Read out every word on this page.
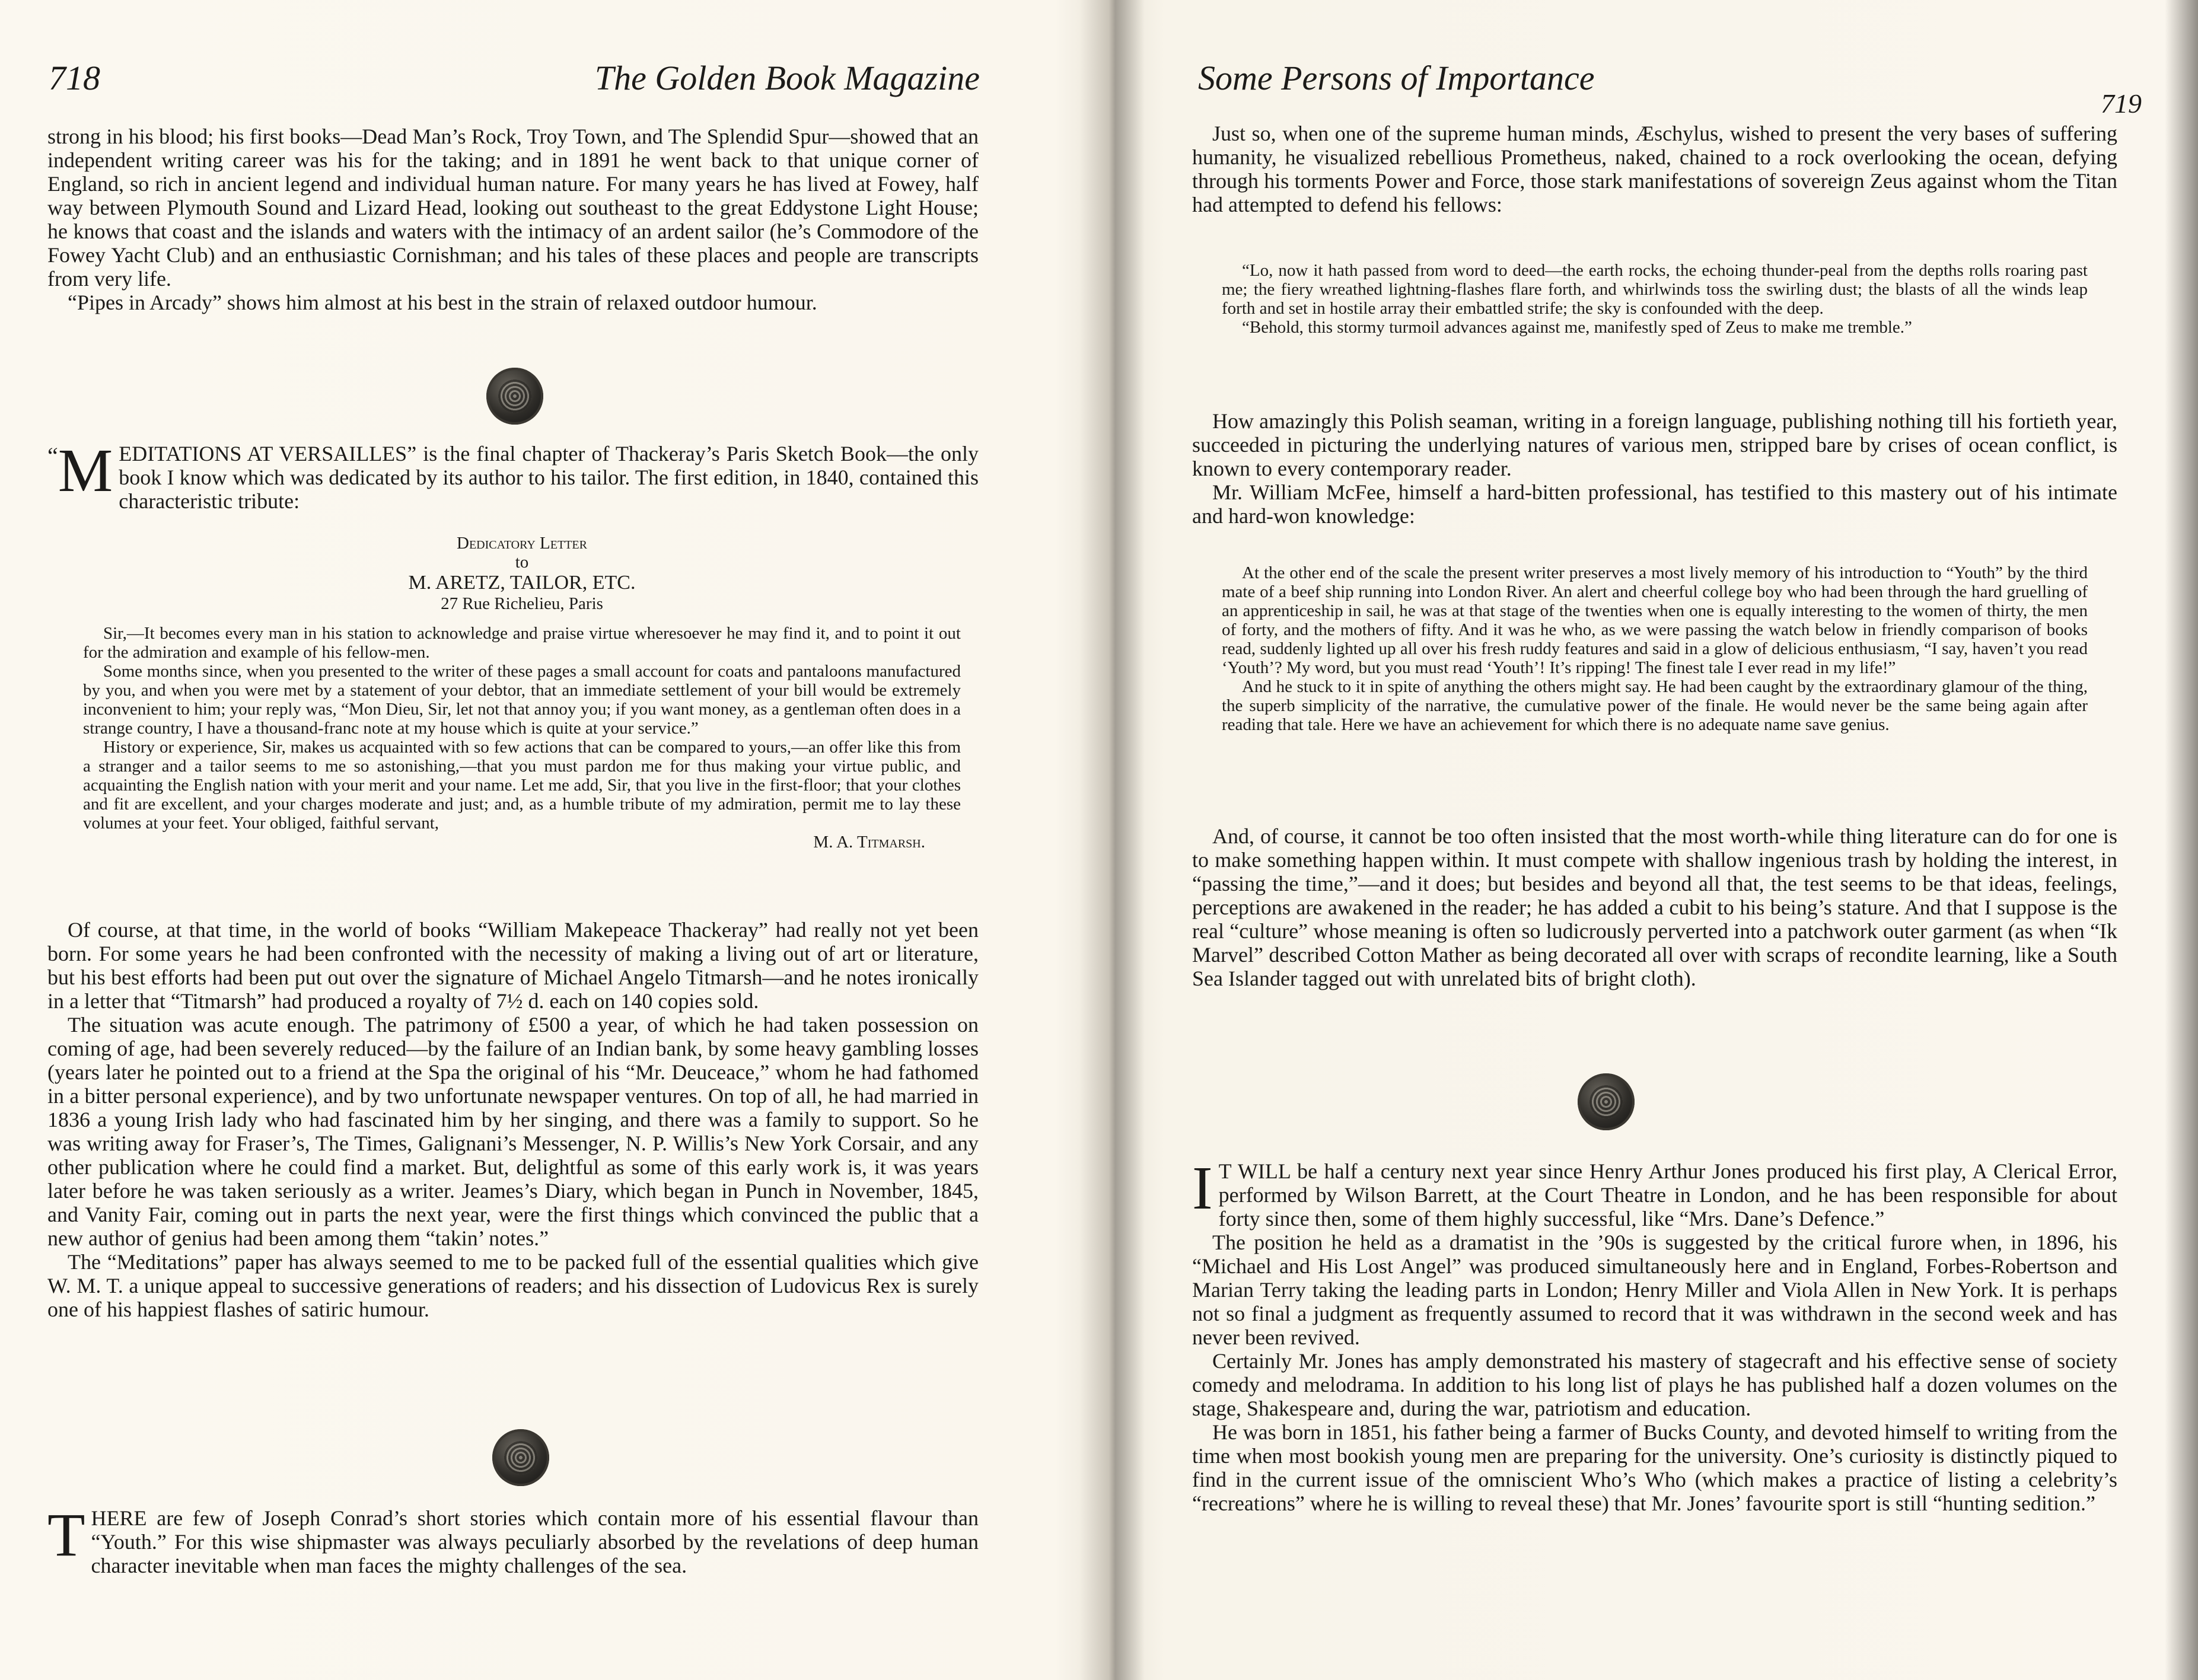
718	The Golden Book Magazine

strong in his blood; his first books—Dead Man’s Rock, Troy Town, and The Splendid Spur—showed that an independent writing career was his for the taking; and in 1891 he went back to that unique corner of England, so rich in ancient legend and individual human nature. For many years he has lived at Fowey, half way between Plymouth Sound and Lizard Head, looking out southeast to the great Eddystone Light House; he knows that coast and the islands and waters with the intimacy of an ardent sailor (he’s Commodore of the Fowey Yacht Club) and an enthusiastic Cornishman; and his tales of these places and people are transcripts from very life.

“Pipes in Arcady” shows him almost at his best in the strain of relaxed outdoor humour.

“ M EDITATIONS AT VERSAILLES” is the final chapter of Thackeray’s Paris Sketch Book—the only book I know which was dedicated by its author to his tailor. The first edition, in 1840, contained this characteristic tribute:

Dedicatory Letter

to

M. ARETZ, TAILOR, ETC.

27 Rue Richelieu, Paris

Sir,—It becomes every man in his station to acknowledge and praise virtue wheresoever he may find it, and to point it out for the admiration and example of his fellow-men.

Some months since, when you presented to the writer of these pages a small account for coats and pantaloons manufactured by you, and when you were met by a statement of your debtor, that an immediate settlement of your bill would be extremely inconvenient to him; your reply was, “Mon Dieu, Sir, let not that annoy you; if you want money, as a gentleman often does in a strange country, I have a thousand-franc note at my house which is quite at your service.”

History or experience, Sir, makes us acquainted with so few actions that can be compared to yours,—an offer like this from a stranger and a tailor seems to me so astonishing,—that you must pardon me for thus making your virtue public, and acquainting the English nation with your merit and your name. Let me add, Sir, that you live in the first-floor; that your clothes and fit are excellent, and your charges moderate and just; and, as a humble tribute of my admiration, permit me to lay these volumes at your feet. Your obliged, faithful servant,

M. A. Titmarsh.

Of course, at that time, in the world of books “William Makepeace Thackeray” had really not yet been born. For some years he had been confronted with the necessity of making a living out of art or literature, but his best efforts had been put out over the signature of Michael Angelo Titmarsh—and he notes ironically in a letter that “Titmarsh” had produced a royalty of 7½ d. each on 140 copies sold.

The situation was acute enough. The patrimony of £500 a year, of which he had taken possession on coming of age, had been severely reduced—by the failure of an Indian bank, by some heavy gambling losses (years later he pointed out to a friend at the Spa the original of his “Mr. Deuceace,” whom he had fathomed in a bitter personal experience), and by two unfortunate newspaper ventures. On top of all, he had married in 1836 a young Irish lady who had fascinated him by her singing, and there was a family to support. So he was writing away for Fraser’s, The Times, Galignani’s Messenger, N. P. Willis’s New York Corsair, and any other publication where he could find a market. But, delightful as some of this early work is, it was years later before he was taken seriously as a writer. Jeames’s Diary, which began in Punch in November, 1845, and Vanity Fair, coming out in parts the next year, were the first things which convinced the public that a new author of genius had been among them “takin’ notes.”

The “Meditations” paper has always seemed to me to be packed full of the essential qualities which give W. M. T. a unique appeal to successive generations of readers; and his dissection of Ludovicus Rex is surely one of his happiest flashes of satiric humour.

T HERE are few of Joseph Conrad’s short stories which contain more of his essential flavour than “Youth.” For this wise shipmaster was always peculiarly absorbed by the revelations of deep human character inevitable when man faces the mighty challenges of the sea.

Some Persons of Importance
719

Just so, when one of the supreme human minds, Æschylus, wished to present the very bases of suffering humanity, he visualized rebellious Prometheus, naked, chained to a rock overlooking the ocean, defying through his torments Power and Force, those stark manifestations of sovereign Zeus against whom the Titan had attempted to defend his fellows:

“Lo, now it hath passed from word to deed—the earth rocks, the echoing thunder-peal from the depths rolls roaring past me; the fiery wreathed lightning-flashes flare forth, and whirlwinds toss the swirling dust; the blasts of all the winds leap forth and set in hostile array their embattled strife; the sky is confounded with the deep.

“Behold, this stormy turmoil advances against me, manifestly sped of Zeus to make me tremble.”

How amazingly this Polish seaman, writing in a foreign language, publishing nothing till his fortieth year, succeeded in picturing the underlying natures of various men, stripped bare by crises of ocean conflict, is known to every contemporary reader.

Mr. William McFee, himself a hard-bitten professional, has testified to this mastery out of his intimate and hard-won knowledge:

At the other end of the scale the present writer preserves a most lively memory of his introduction to “Youth” by the third mate of a beef ship running into London River. An alert and cheerful college boy who had been through the hard gruelling of an apprenticeship in sail, he was at that stage of the twenties when one is equally interesting to the women of thirty, the men of forty, and the mothers of fifty. And it was he who, as we were passing the watch below in friendly comparison of books read, suddenly lighted up all over his fresh ruddy features and said in a glow of delicious enthusiasm, “I say, haven’t you read ‘Youth’? My word, but you must read ‘Youth’! It’s ripping! The finest tale I ever read in my life!”

And he stuck to it in spite of anything the others might say. He had been caught by the extraordinary glamour of the thing, the superb simplicity of the narrative, the cumulative power of the finale. He would never be the same being again after reading that tale. Here we have an achievement for which there is no adequate name save genius.

And, of course, it cannot be too often insisted that the most worth-while thing literature can do for one is to make something happen within. It must compete with shallow ingenious trash by holding the interest, in “passing the time,”—and it does; but besides and beyond all that, the test seems to be that ideas, feelings, perceptions are awakened in the reader; he has added a cubit to his being’s stature. And that I suppose is the real “culture” whose meaning is often so ludicrously perverted into a patchwork outer garment (as when “Ik Marvel” described Cotton Mather as being decorated all over with scraps of recondite learning, like a South Sea Islander tagged out with unrelated bits of bright cloth).

I T WILL be half a century next year since Henry Arthur Jones produced his first play, A Clerical Error, performed by Wilson Barrett, at the Court Theatre in London, and he has been responsible for about forty since then, some of them highly successful, like “Mrs. Dane’s Defence.”

The position he held as a dramatist in the ’90s is suggested by the critical furore when, in 1896, his “Michael and His Lost Angel” was produced simultaneously here and in England, Forbes-Robertson and Marian Terry taking the leading parts in London; Henry Miller and Viola Allen in New York. It is perhaps not so final a judgment as frequently assumed to record that it was withdrawn in the second week and has never been revived.

Certainly Mr. Jones has amply demonstrated his mastery of stagecraft and his effective sense of society comedy and melodrama. In addition to his long list of plays he has published half a dozen volumes on the stage, Shakespeare and, during the war, patriotism and education.

He was born in 1851, his father being a farmer of Bucks County, and devoted himself to writing from the time when most bookish young men are preparing for the university. One’s curiosity is distinctly piqued to find in the current issue of the omniscient Who’s Who (which makes a practice of listing a celebrity’s “recreations” where he is willing to reveal these) that Mr. Jones’ favourite sport is still “hunting sedition.”
